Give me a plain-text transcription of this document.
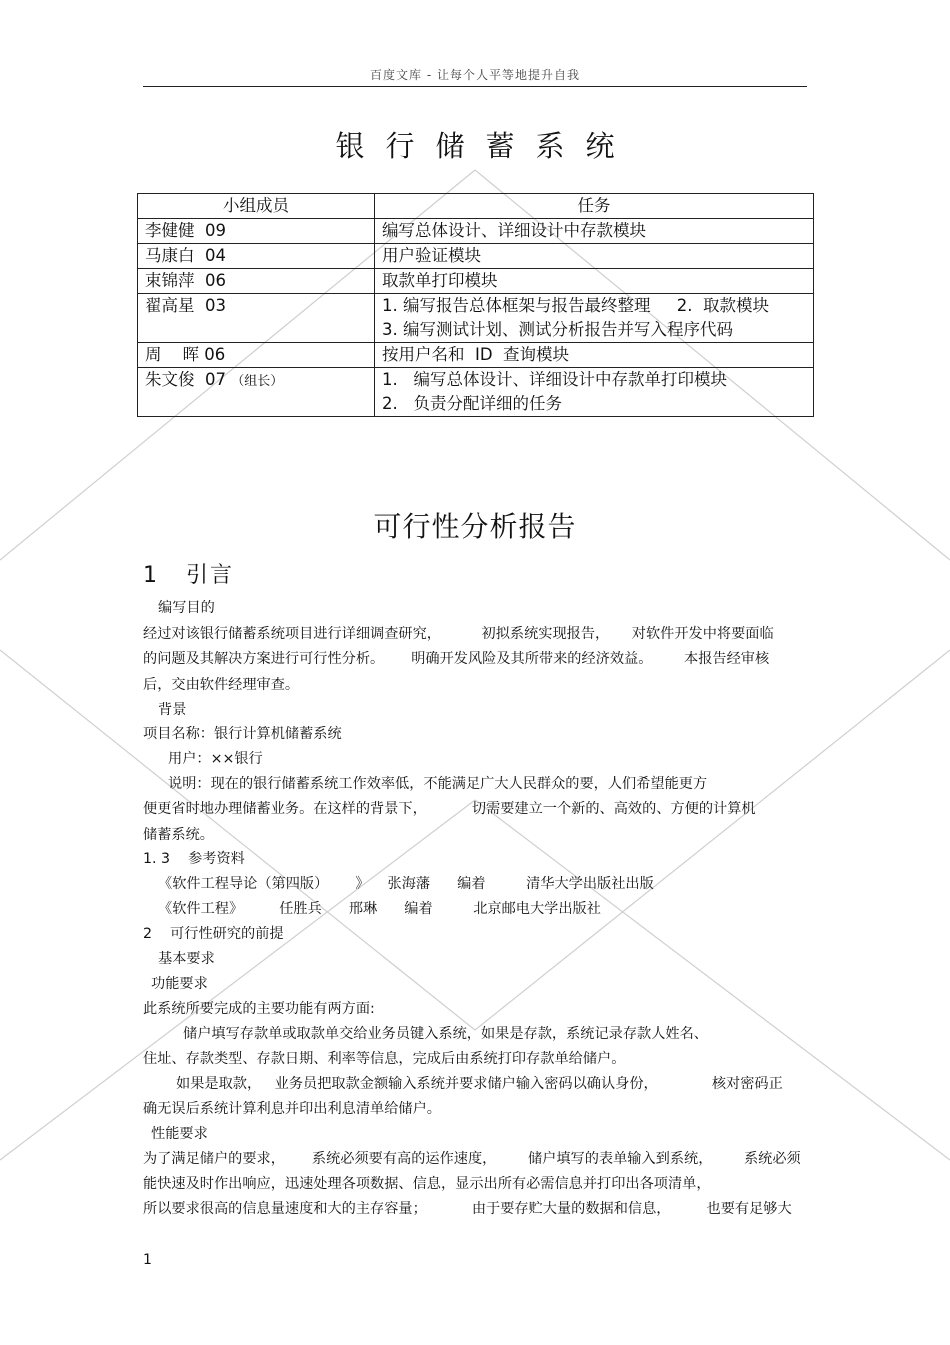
百度文库 - 让每个人平等地提升自我
银行储蓄系统
小组成员	任务
李健健  09	编写总体设计、详细设计中存款模块

马康白  04	用户验证模块

束锦萍  06	取款单打印模块

翟高星  03	1. 编写报告总体框架与报告最终整理     2.  取款模块
3. 编写测试计划、测试分析报告并写入程序代码

周    晖 06	按用户名和  ID  查询模块

朱文俊  07 （组长）	1.   编写总体设计、详细设计中存款单打印模块
2.   负责分配详细的任务
可行性分析报告
1   引言
编写目的
经过对该银行储蓄系统项目进行详细调查研究，         初拟系统实现报告，     对软件开发中将要面临
的问题及其解决方案进行可行性分析。      明确开发风险及其所带来的经济效益。       本报告经审核
后，交由软件经理审查。
背景
项目名称：银行计算机储蓄系统
用户：××银行
说明：现在的银行储蓄系统工作效率低，不能满足广大人民群众的要，人们希望能更方
便更省时地办理储蓄业务。在这样的背景下，          切需要建立一个新的、高效的、方便的计算机
储蓄系统。
1. 3    参考资料
《软件工程导论（第四版）      》    张海藩      编着         清华大学出版社出版
《软件工程》        任胜兵      邢琳      编着         北京邮电大学出版社
2    可行性研究的前提
基本要求
功能要求
此系统所要完成的主要功能有两方面:
储户填写存款单或取款单交给业务员键入系统，如果是存款，系统记录存款人姓名、
住址、存款类型、存款日期、利率等信息，完成后由系统打印存款单给储户。
如果是取款，   业务员把取款金额输入系统并要求储户输入密码以确认身份，            核对密码正
确无误后系统计算利息并印出利息清单给储户。
性能要求
为了满足储户的要求，      系统必须要有高的运作速度，       储户填写的表单输入到系统，       系统必须
能快速及时作出响应，迅速处理各项数据、信息，显示出所有必需信息并打印出各项清单，
所以要求很高的信息量速度和大的主存容量；          由于要存贮大量的数据和信息，        也要有足够大
1
